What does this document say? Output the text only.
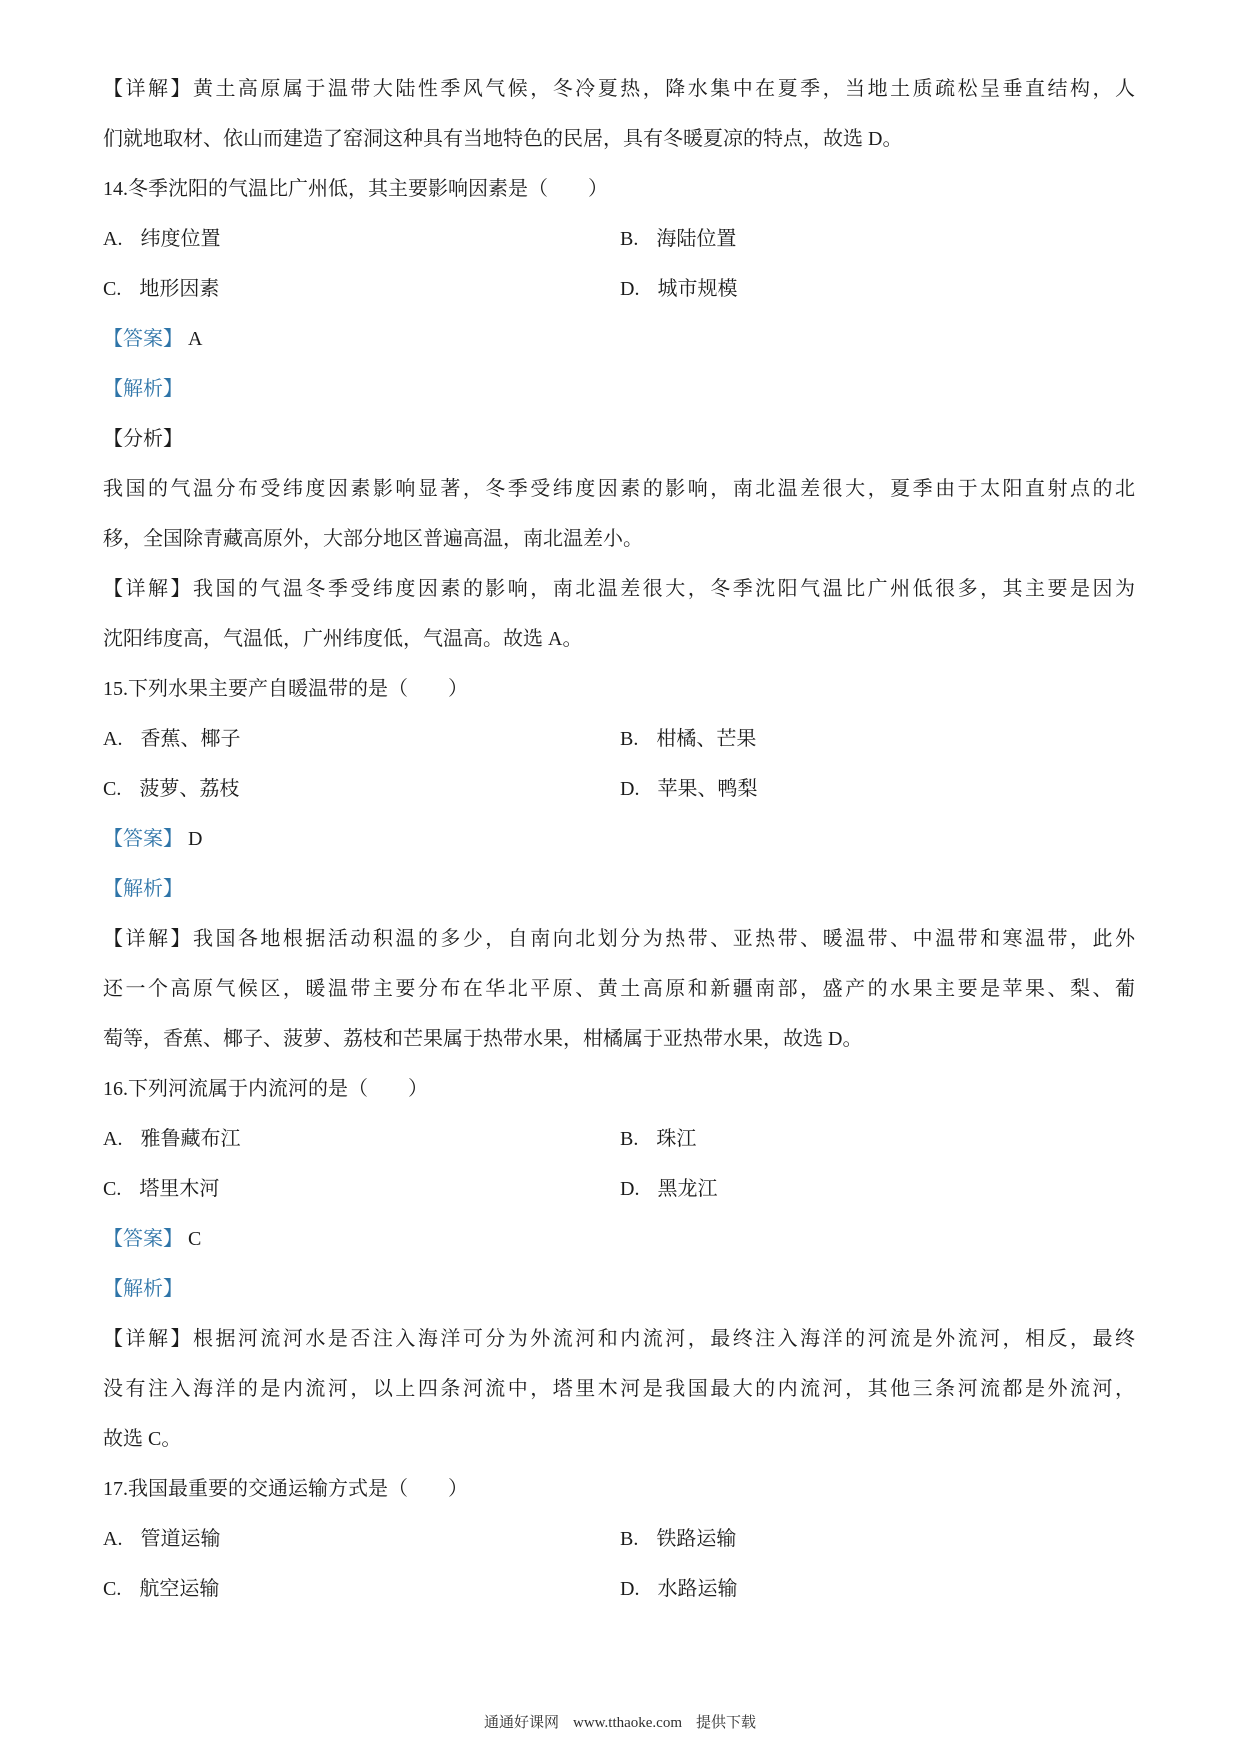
【详解】黄土高原属于温带大陆性季风气候，冬冷夏热，降水集中在夏季，当地土质疏松呈垂直结构，人

们就地取材、依山而建造了窑洞这种具有当地特色的民居，具有冬暖夏凉的特点，故选 D。

14.冬季沈阳的气温比广州低，其主要影响因素是（　　）

A. 纬度位置	B. 海陆位置
C. 地形因素	D. 城市规模

【答案】 A

【解析】

【分析】

我国的气温分布受纬度因素影响显著，冬季受纬度因素的影响，南北温差很大，夏季由于太阳直射点的北

移，全国除青藏高原外，大部分地区普遍高温，南北温差小。

【详解】我国的气温冬季受纬度因素的影响，南北温差很大，冬季沈阳气温比广州低很多，其主要是因为

沈阳纬度高，气温低，广州纬度低，气温高。故选 A。

15.下列水果主要产自暖温带的是（　　）

A. 香蕉、椰子	B. 柑橘、芒果
C. 菠萝、荔枝	D. 苹果、鸭梨

【答案】 D

【解析】

【详解】我国各地根据活动积温的多少，自南向北划分为热带、亚热带、暖温带、中温带和寒温带，此外

还一个高原气候区，暖温带主要分布在华北平原、黄土高原和新疆南部，盛产的水果主要是苹果、梨、葡

萄等，香蕉、椰子、菠萝、荔枝和芒果属于热带水果，柑橘属于亚热带水果，故选 D。

16.下列河流属于内流河的是（　　）

A. 雅鲁藏布江	B. 珠江
C. 塔里木河	D. 黑龙江

【答案】 C

【解析】

【详解】根据河流河水是否注入海洋可分为外流河和内流河，最终注入海洋的河流是外流河，相反，最终

没有注入海洋的是内流河，以上四条河流中，塔里木河是我国最大的内流河，其他三条河流都是外流河，

故选 C。

17.我国最重要的交通运输方式是（　　）

A. 管道运输	B. 铁路运输
C. 航空运输	D. 水路运输
通通好课网 www.tthaoke.com 提供下载
